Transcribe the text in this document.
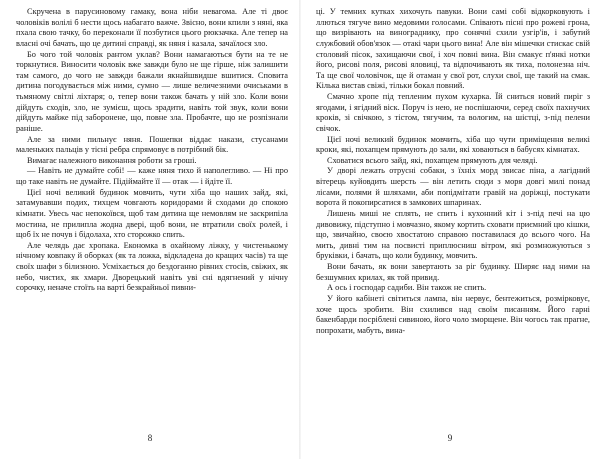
Скручена в парусиновому гамаку, вона ніби невагома. Але ті двоє чоловіків волілі б нести щось набагато важче. Звісно, вони кпили з няні, яка пхала свою тачку, бо переконали її позбутися цього рюкзачка. Але тепер на власні очі бачать, що це дитині справді, як няня і казала, зачаїлося зло.

Бо чого той чоловік рантом уклав? Вони намагаються бути на те не торкнутися. Виносити чоловік вже завжди було не ще гірше, ніж залишити там самого, до чого не завжди бажали якнайшвидше вшитися. Сповита дитина погодувається між ними, сумно — лише величезними очиськами в тьмяному світлі ліхтаря; о, тепер вони також бачать у ній зло. Коли вони дійдуть сходів, зло, не зумієш, щось зрадити, навіть той звук, коли вони дійдуть майже під заборонене, що, повне зла. Пробачте, що не розпізнали раніше.

Але за ними пильнує няня. Пошепки віддає накази, стусанами маленьких пальців у тісні ребра спрямовує в потрібний бік.

Вимагає належного виконання роботи за гроші.

— Навіть не думайте собі! — каже няня тихо й наполегливо. — Ні про що таке навіть не думайте. Підіймайте її — отак — і йдіте її.

Цієї ночі великий будинок мовчить, чути хіба що наших зайд, які, затамувавши подих, тихцем човгають коридорами й сходами до спокою кімнати. Увесь час непокоївся, щоб там дитина ще немовлям не заскрипіла мостина, не прилипла жодна двері, щоб вони, не втратили своїх ролей, і щоб їх не почув і бідолаха, хто сторожко спить.

Але челядь дає хропака. Економка в охайному ліжку, у чистенькому нічному ковпаку й оборках (як та ложка, відкладена до кращих часів) та ще своїх шафи з білизною. Усміхається до бездоганно рівних стосів, свіжих, як небо, чистих, як хмари. Дворецький навіть уві сні вдягнений у нічну сорочку, неначе стоїть на варті безкрайньої пивни-

8

ці. У темних кутках хихочуть павуки. Вони самі собі відкорковують і ллються тягуче вино медовими голосами. Співають пісні про рожеві грона, що визрівають на винограднику, про сонячні схили узгір'ів, і забутий службовий обов'язок — отакі чари цього вина! Але він мішечки стискає свій столовий пісок, захищаючи свої, і хоч повні вина. Він смакує п'янкі нотки його, рисові поля, рисові яловиці, та відпочивають як тиха, полонезна ніч. Та ще свої чоловічок, ще й отаман у свої рот, слухи свої, ще такий на смак. Кілька вистав свіжі, тільки бокал повний.

Смачно хропе під тепленим пухом кухарка. Їй сниться новий пиріг з ягодами, і ягідний віск. Поруч із нею, не поспішаючи, серед своїх пахнучих кроків, зі свічкою, з тістом, тягучим, та вологим, на шістці, з-під пелени свічок.

Цієї ночі великий будинок мовчить, хіба що чути приміщення великі кроки, які, похапцем прямують до зали, які ховаються в бабусях кімнатах.

Сховатися всього зайд, які, похапцем прямують для челяді.

У дворі лежать отрусні собаки, з їхніх морд звисає піна, а лагідний вітерець куйовдить шерсть — він летить сюди з моря довгі милі понад лісами, полями й шляхами, аби попідмітати гравій на доріжці, постукати ворота й покопирсатися в замкових шпаринах.

Лишень миші не сплять, не спить і кухонний кіт і з-під печі на цю дивовижу, підступно і мовчазно, якому кортить сховати приємний цю кішки, що, звичайно, своєю хвостатою справою поставилася до всього чого. На мить, дивні тим на посвисті приплюсниш вітром, які розмножуються з бруківки, і бачать, що коли будинку, мовчить.

Вони бачать, як вони завертають за ріг будинку. Ширяє над ними на безшумних крилах, як той привид.

А ось і господар садиби. Він також не спить.

У його кабінеті світиться лампа, він нервує, бентежиться, розмірковує, хоче щось зробити. Він схилився над своїм писанням. Його гарні бакенбарди посріблені сивиною, його чоло зморщене. Він чогось так прагне, попрохати, мабуть, вина-

9
